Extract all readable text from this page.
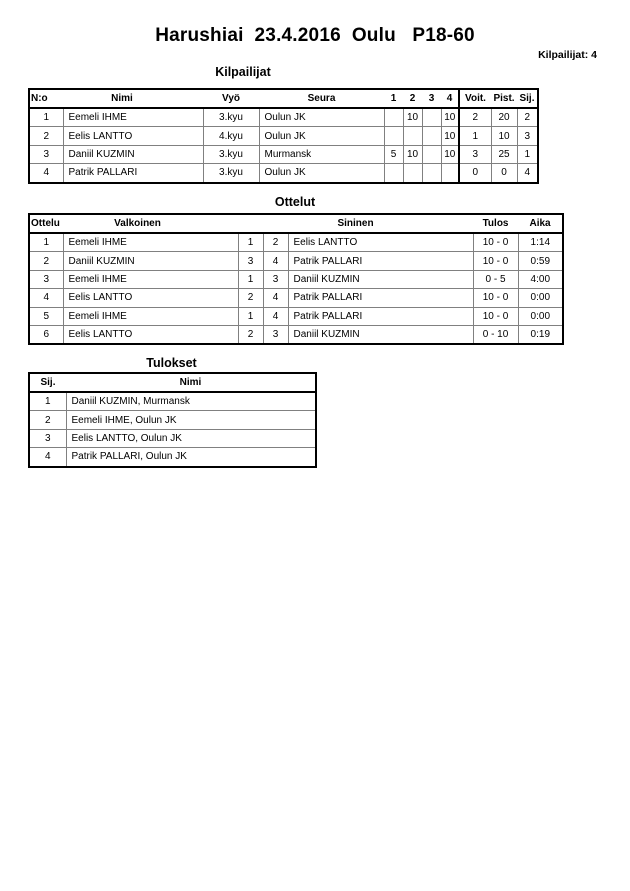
Harushiai  23.4.2016  Oulu   P18-60
Kilpailijat: 4
Kilpailijat
N:o	Nimi	Vyö	Seura	1	2	3	4	Voit.	Pist.	Sij.
1	Eemeli IHME	3.kyu	Oulun JK		10		10	2	20	2
2	Eelis LANTTO	4.kyu	Oulun JK				10	1	10	3
3	Daniil KUZMIN	3.kyu	Murmansk	5	10		10	3	25	1
4	Patrik PALLARI	3.kyu	Oulun JK					0	0	4
Ottelut
Ottelu	Valkoinen	Sininen			Tulos	Aika
1	Eemeli IHME	1	2	Eelis LANTTO	10 - 0	1:14
2	Daniil KUZMIN	3	4	Patrik PALLARI	10 - 0	0:59
3	Eemeli IHME	1	3	Daniil KUZMIN	0 - 5	4:00
4	Eelis LANTTO	2	4	Patrik PALLARI	10 - 0	0:00
5	Eemeli IHME	1	4	Patrik PALLARI	10 - 0	0:00
6	Eelis LANTTO	2	3	Daniil KUZMIN	0 - 10	0:19
Tulokset
Sij.	Nimi
1	Daniil KUZMIN, Murmansk
2	Eemeli IHME, Oulun JK
3	Eelis LANTTO, Oulun JK
4	Patrik PALLARI, Oulun JK
